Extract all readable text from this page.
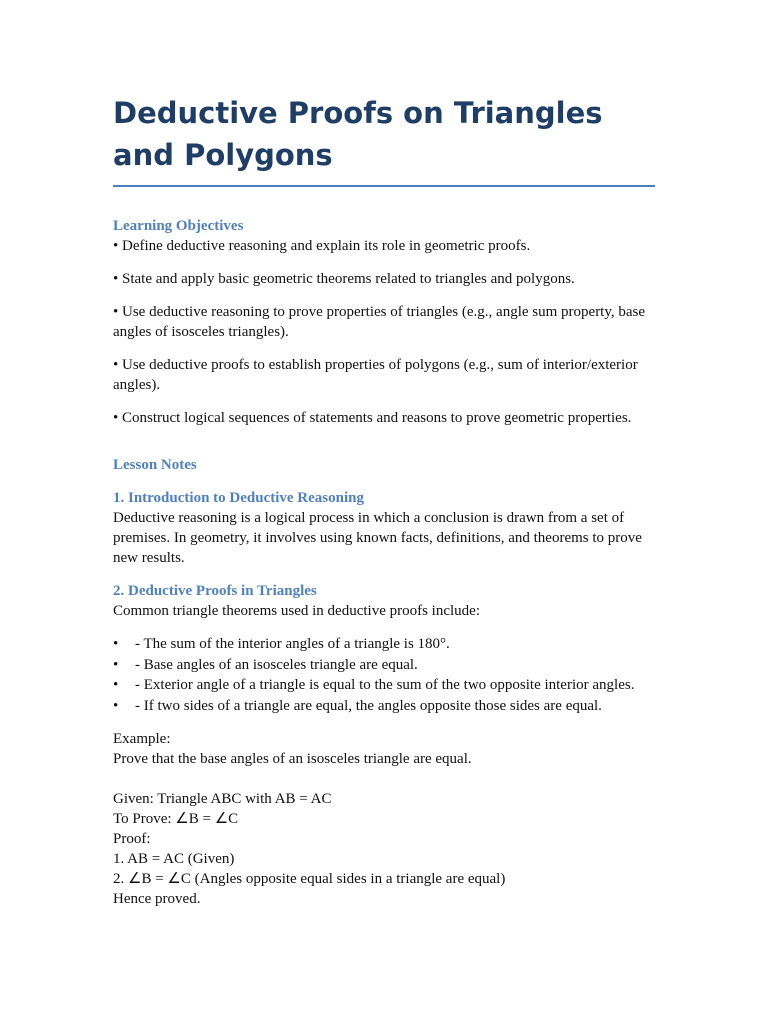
Deductive Proofs on Triangles and Polygons

Learning Objectives

• Define deductive reasoning and explain its role in geometric proofs.

• State and apply basic geometric theorems related to triangles and polygons.

• Use deductive reasoning to prove properties of triangles (e.g., angle sum property, base angles of isosceles triangles).

• Use deductive proofs to establish properties of polygons (e.g., sum of interior/exterior angles).

• Construct logical sequences of statements and reasons to prove geometric properties.

Lesson Notes

1. Introduction to Deductive Reasoning

Deductive reasoning is a logical process in which a conclusion is drawn from a set of premises. In geometry, it involves using known facts, definitions, and theorems to prove new results.

2. Deductive Proofs in Triangles

Common triangle theorems used in deductive proofs include:

• - The sum of the interior angles of a triangle is 180°.
• - Base angles of an isosceles triangle are equal.
• - Exterior angle of a triangle is equal to the sum of the two opposite interior angles.
• - If two sides of a triangle are equal, the angles opposite those sides are equal.

Example:

Prove that the base angles of an isosceles triangle are equal.

Given: Triangle ABC with AB = AC

To Prove: ∠B = ∠C

Proof:

1. AB = AC (Given)

2. ∠B = ∠C (Angles opposite equal sides in a triangle are equal)

Hence proved.
